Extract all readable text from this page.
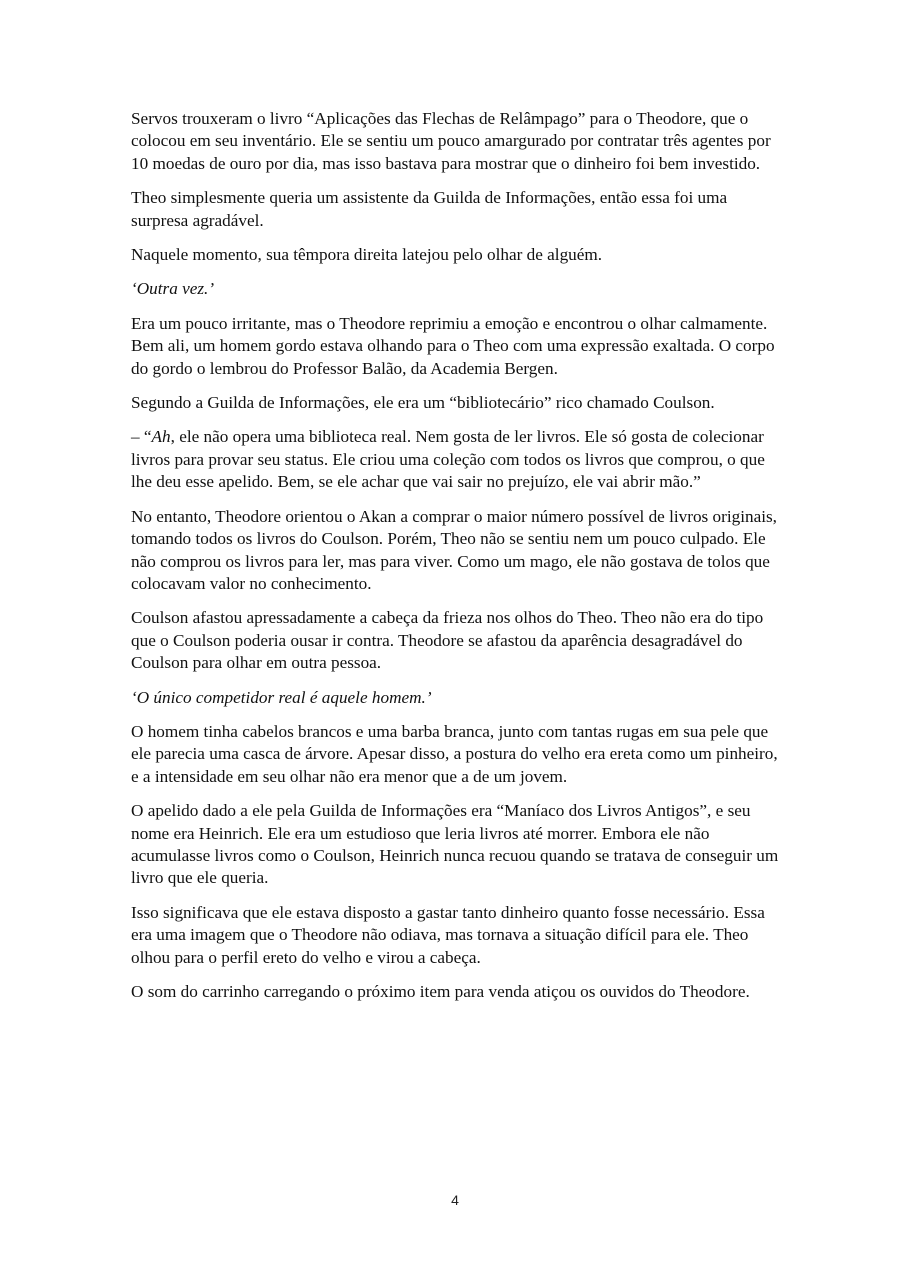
Servos trouxeram o livro “Aplicações das Flechas de Relâmpago” para o Theodore, que o colocou em seu inventário. Ele se sentiu um pouco amargurado por contratar três agentes por 10 moedas de ouro por dia, mas isso bastava para mostrar que o dinheiro foi bem investido.

Theo simplesmente queria um assistente da Guilda de Informações, então essa foi uma surpresa agradável.

Naquele momento, sua têmpora direita latejou pelo olhar de alguém.

‘Outra vez.’

Era um pouco irritante, mas o Theodore reprimiu a emoção e encontrou o olhar calmamente. Bem ali, um homem gordo estava olhando para o Theo com uma expressão exaltada. O corpo do gordo o lembrou do Professor Balão, da Academia Bergen.

Segundo a Guilda de Informações, ele era um “bibliotecário” rico chamado Coulson.

– “Ah, ele não opera uma biblioteca real. Nem gosta de ler livros. Ele só gosta de colecionar livros para provar seu status. Ele criou uma coleção com todos os livros que comprou, o que lhe deu esse apelido. Bem, se ele achar que vai sair no prejuízo, ele vai abrir mão.”

No entanto, Theodore orientou o Akan a comprar o maior número possível de livros originais, tomando todos os livros do Coulson. Porém, Theo não se sentiu nem um pouco culpado. Ele não comprou os livros para ler, mas para viver. Como um mago, ele não gostava de tolos que colocavam valor no conhecimento.

Coulson afastou apressadamente a cabeça da frieza nos olhos do Theo. Theo não era do tipo que o Coulson poderia ousar ir contra. Theodore se afastou da aparência desagradável do Coulson para olhar em outra pessoa.

‘O único competidor real é aquele homem.’

O homem tinha cabelos brancos e uma barba branca, junto com tantas rugas em sua pele que ele parecia uma casca de árvore. Apesar disso, a postura do velho era ereta como um pinheiro, e a intensidade em seu olhar não era menor que a de um jovem.

O apelido dado a ele pela Guilda de Informações era “Maníaco dos Livros Antigos”, e seu nome era Heinrich. Ele era um estudioso que leria livros até morrer. Embora ele não acumulasse livros como o Coulson, Heinrich nunca recuou quando se tratava de conseguir um livro que ele queria.

Isso significava que ele estava disposto a gastar tanto dinheiro quanto fosse necessário. Essa era uma imagem que o Theodore não odiava, mas tornava a situação difícil para ele. Theo olhou para o perfil ereto do velho e virou a cabeça.

O som do carrinho carregando o próximo item para venda atiçou os ouvidos do Theodore.

4
